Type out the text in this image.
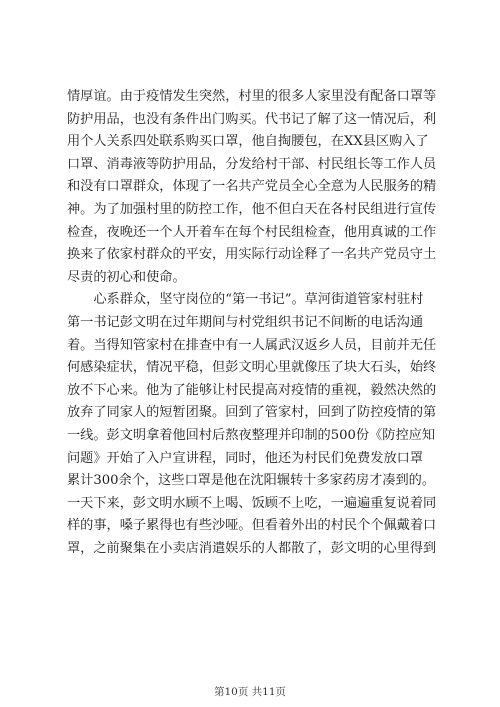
情厚谊。由于疫情发生突然，村里的很多人家里没有配备口罩等
防护用品，也没有条件出门购买。代书记了解了这一情况后，利
用个人关系四处联系购买口罩，他自掏腰包，在XX县区购入了
口罩、消毒液等防护用品，分发给村干部、村民组长等工作人员
和没有口罩群众，体现了一名共产党员全心全意为人民服务的精
神。为了加强村里的防控工作，他不但白天在各村民组进行宣传
检查，夜晚还一个人开着车在每个村民组检查，他用真诚的工作
换来了依家村群众的平安，用实际行动诠释了一名共产党员守土
尽责的初心和使命。
　　心系群众，坚守岗位的“第一书记”。草河街道管家村驻村
第一书记彭文明在过年期间与村党组织书记不间断的电话沟通
着。当得知管家村在排查中有一人属武汉返乡人员，目前并无任
何感染症状，情况平稳，但彭文明心里就像压了块大石头，始终
放不下心来。他为了能够让村民提高对疫情的重视，毅然决然的
放弃了同家人的短暂团聚。回到了管家村，回到了防控疫情的第
一线。彭文明拿着他回村后熬夜整理并印制的500份《防控应知
问题》开始了入户宣讲程，同时，他还为村民们免费发放口罩
累计300余个，这些口罩是他在沈阳辗转十多家药房才凑到的。
一天下来，彭文明水顾不上喝、饭顾不上吃，一遍遍重复说着同
样的事，嗓子累得也有些沙哑。但看着外出的村民个个佩戴着口
罩，之前聚集在小卖店消遣娱乐的人都散了，彭文明的心里得到
第10页 共11页
